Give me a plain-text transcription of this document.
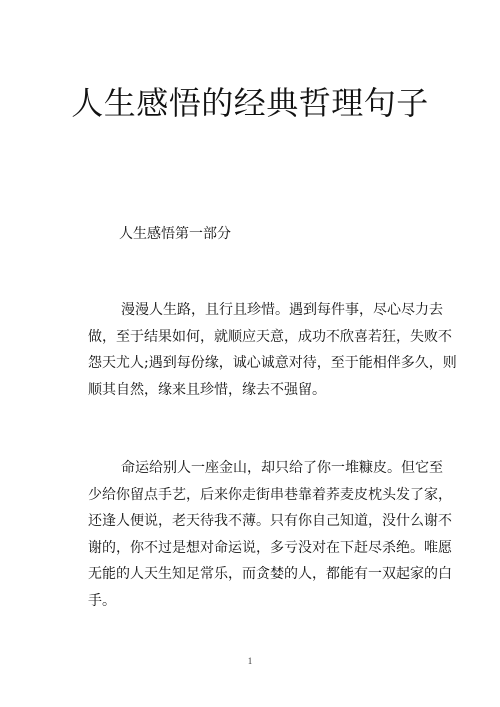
人生感悟的经典哲理句子
人生感悟第一部分
漫漫人生路，且行且珍惜。遇到每件事，尽心尽力去
做，至于结果如何，就顺应天意，成功不欣喜若狂，失败不
怨天尤人;遇到每份缘，诚心诚意对待，至于能相伴多久，则
顺其自然，缘来且珍惜，缘去不强留。
命运给别人一座金山，却只给了你一堆糠皮。但它至
少给你留点手艺，后来你走街串巷靠着荞麦皮枕头发了家，
还逢人便说，老天待我不薄。只有你自己知道，没什么谢不
谢的，你不过是想对命运说，多亏没对在下赶尽杀绝。唯愿
无能的人天生知足常乐，而贪婪的人，都能有一双起家的白
手。
1
